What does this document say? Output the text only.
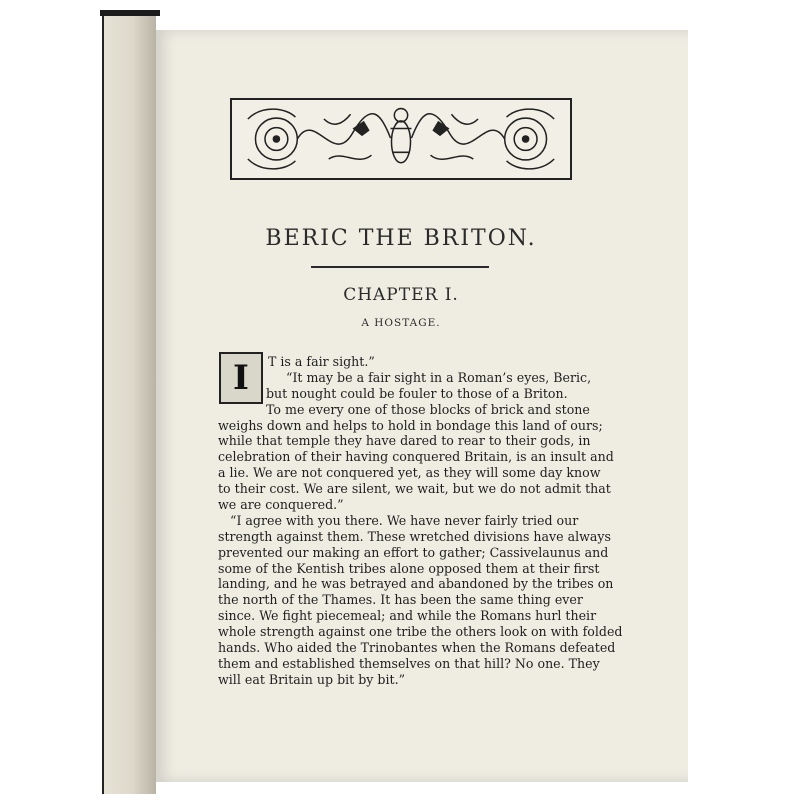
BERIC THE BRITON.
CHAPTER I.
A HOSTAGE.
I	T is a fair sight.”
“It may be a fair sight in a Roman’s eyes, Beric,
but nought could be fouler to those of a Briton.
To me every one of those blocks of brick and stone
weighs down and helps to hold in bondage this land of ours;
while that temple they have dared to rear to their gods, in
celebration of their having conquered Britain, is an insult and
a lie. We are not conquered yet, as they will some day know
to their cost. We are silent, we wait, but we do not admit that
we are conquered.”
“I agree with you there. We have never fairly tried our
strength against them. These wretched divisions have always
prevented our making an effort to gather; Cassivelaunus and
some of the Kentish tribes alone opposed them at their first
landing, and he was betrayed and abandoned by the tribes on
the north of the Thames. It has been the same thing ever
since. We fight piecemeal; and while the Romans hurl their
whole strength against one tribe the others look on with folded
hands. Who aided the Trinobantes when the Romans defeated
them and established themselves on that hill? No one. They
will eat Britain up bit by bit.”
